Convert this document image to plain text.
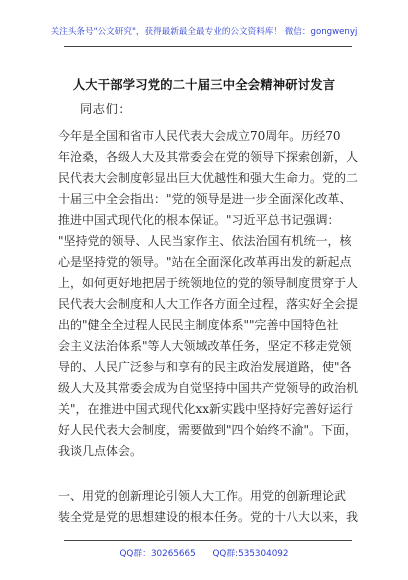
关注头条号"公文研究"，获得最新最全最专业的公文资料库！ 微信：gongwenyj
人大干部学习党的二十届三中全会精神研讨发言
同志们：
今年是全国和省市人民代表大会成立70周年。历经70
年沧桑，各级人大及其常委会在党的领导下探索创新，人
民代表大会制度彰显出巨大优越性和强大生命力。党的二
十届三中全会指出："党的领导是进一步全面深化改革、
推进中国式现代化的根本保证。"习近平总书记强调：
"坚持党的领导、人民当家作主、依法治国有机统一，核
心是坚持党的领导。"站在全面深化改革再出发的新起点
上，如何更好地把居于统领地位的党的领导制度贯穿于人
民代表大会制度和人大工作各方面全过程，落实好全会提
出的"健全全过程人民民主制度体系""完善中国特色社
会主义法治体系"等人大领域改革任务，坚定不移走党领
导的、人民广泛参与和享有的民主政治发展道路，使"各
级人大及其常委会成为自觉坚持中国共产党领导的政治机
关"，在推进中国式现代化xx新实践中坚持好完善好运行
好人民代表大会制度，需要做到"四个始终不渝"。下面，
我谈几点体会。
一、用党的创新理论引领人大工作。用党的创新理论武
装全党是党的思想建设的根本任务。党的十八大以来，我
QQ群：30265665 QQ群:535304092
